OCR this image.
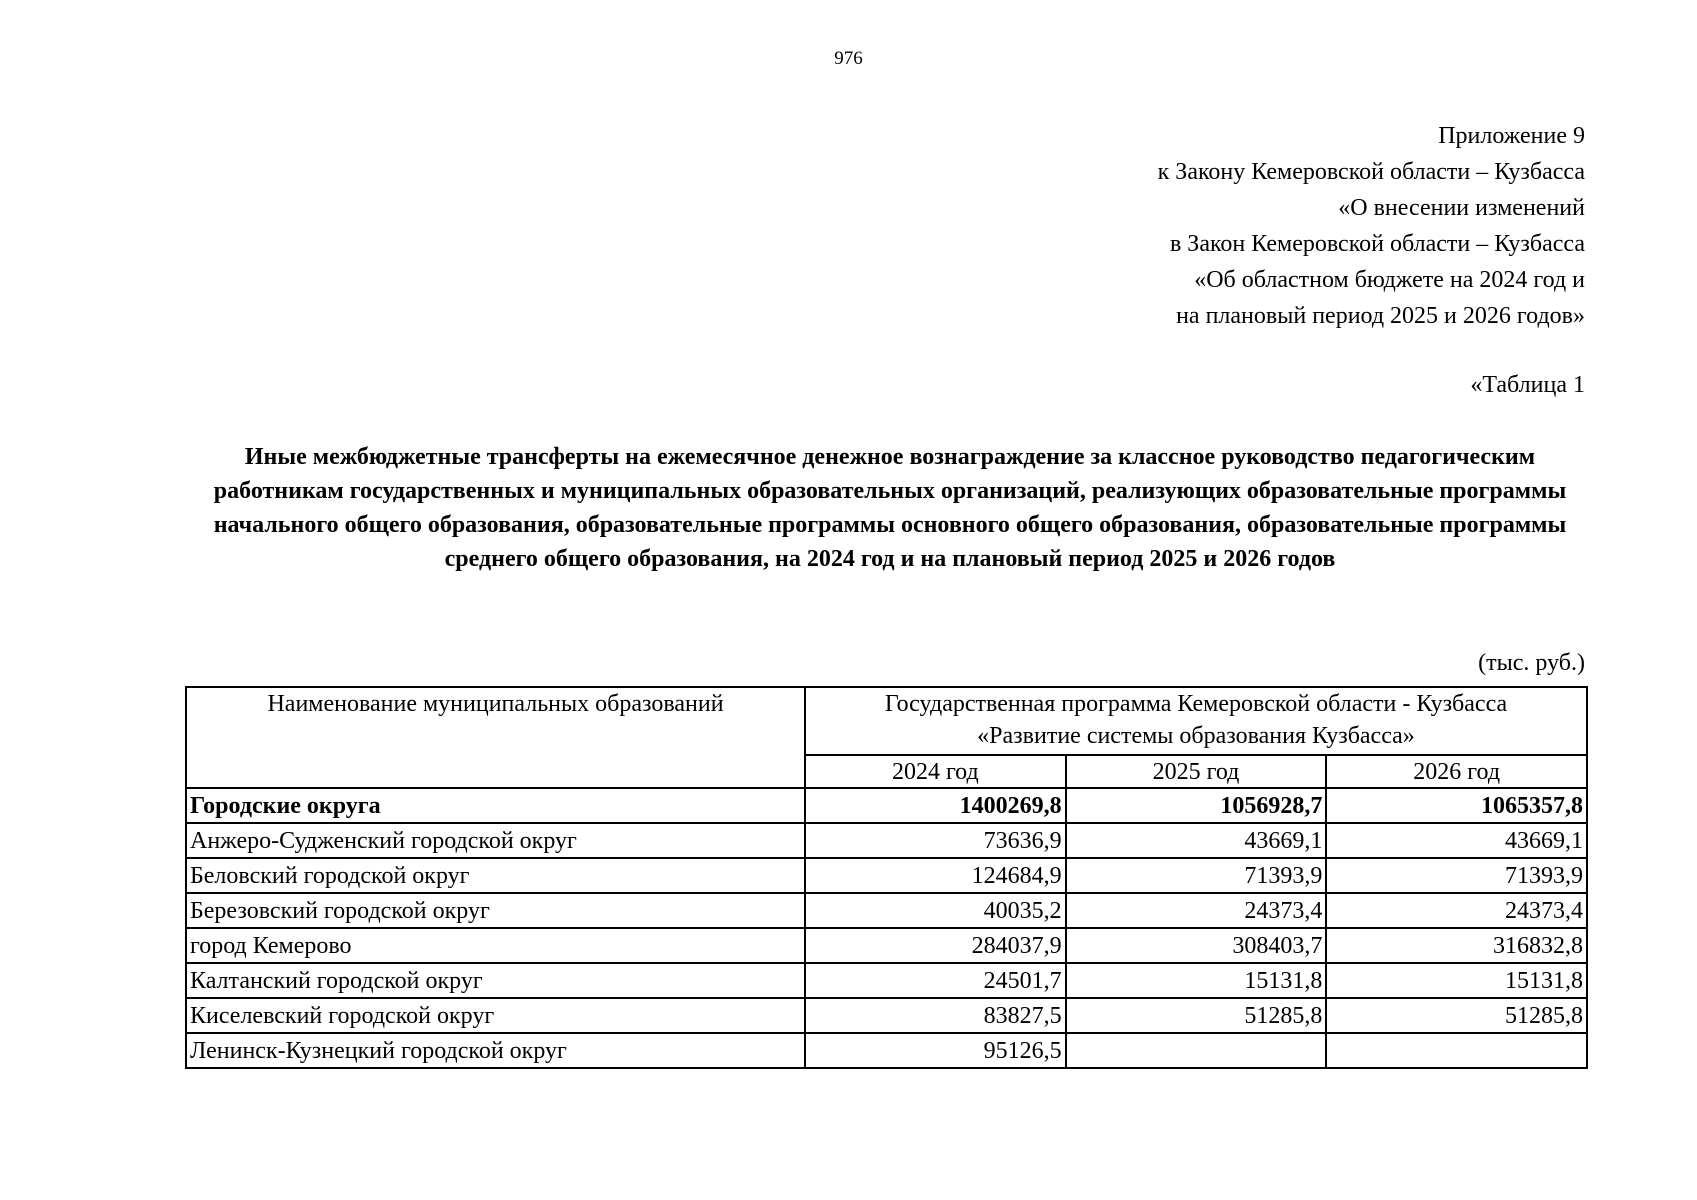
976
Приложение 9
к Закону Кемеровской области – Кузбасса
«О внесении изменений
в Закон Кемеровской области – Кузбасса
«Об областном бюджете на 2024 год и
на плановый период 2025 и 2026 годов»
«Таблица 1
Иные межбюджетные трансферты на ежемесячное денежное вознаграждение за классное руководство педагогическим работникам государственных и муниципальных образовательных организаций, реализующих образовательные программы начального общего образования, образовательные программы основного общего образования, образовательные программы среднего общего образования, на 2024 год и на плановый период 2025 и 2026 годов
(тыс. руб.)
Наименование муниципальных образований	Государственная программа Кемеровской области - Кузбасса
«Развитие системы образования Кузбасса»		

	2024 год	2025 год	2026 год
Городские округа	1400269,8	1056928,7	1065357,8
Анжеро-Судженский городской округ	73636,9	43669,1	43669,1
Беловский городской округ	124684,9	71393,9	71393,9
Березовский городской округ	40035,2	24373,4	24373,4
город Кемерово	284037,9	308403,7	316832,8
Калтанский городской округ	24501,7	15131,8	15131,8
Киселевский городской округ	83827,5	51285,8	51285,8
Ленинск-Кузнецкий городской округ	95126,5		
